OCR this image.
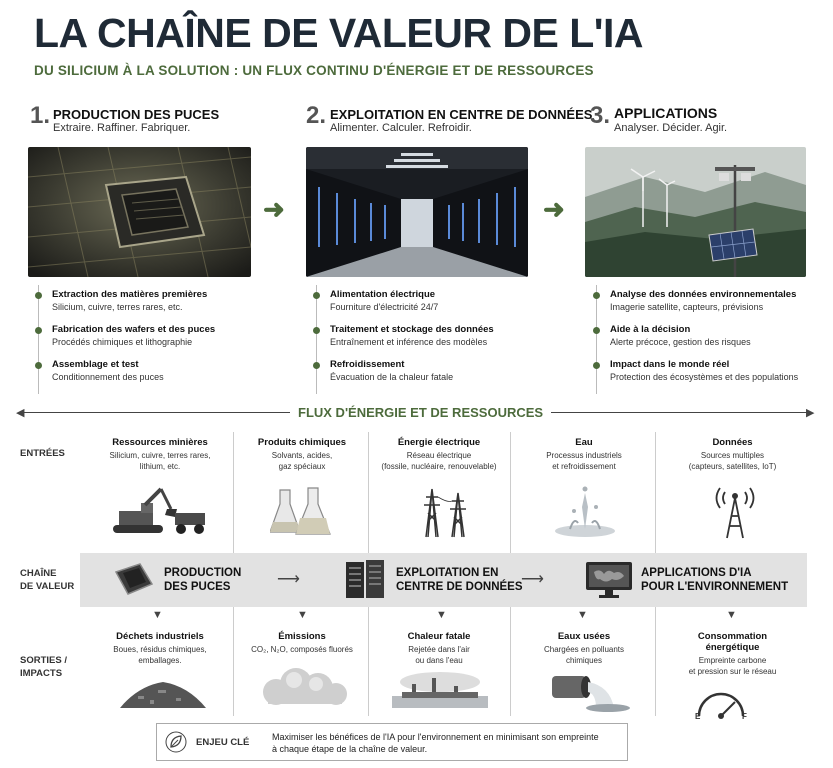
LA CHAÎNE DE VALEUR DE L'IA
DU SILICIUM À LA SOLUTION : UN FLUX CONTINU D'ÉNERGIE ET DE RESSOURCES
1. PRODUCTION DES PUCES
Extraire. Raffiner. Fabriquer.	2. EXPLOITATION EN CENTRE DE DONNÉES
Alimenter. Calculer. Refroidir.	3. APPLICATIONS
Analyser. Décider. Agir.
➜	➜
Extraction des matières premières
Silicium, cuivre, terres rares, etc.
Fabrication des wafers et des puces
Procédés chimiques et lithographie
Assemblage et test
Conditionnement des puces
Alimentation électrique
Fourniture d'électricité 24/7
Traitement et stockage des données
Entraînement et inférence des modèles
Refroidissement
Évacuation de la chaleur fatale
Analyse des données environnementales
Imagerie satellite, capteurs, prévisions
Aide à la décision
Alerte précoce, gestion des risques
Impact dans le monde réel
Protection des écosystèmes et des populations
◀	▶
FLUX D'ÉNERGIE ET DE RESSOURCES
ENTRÉES
CHAÎNE
DE VALEUR
SORTIES /
IMPACTS
Ressources minières
Silicium, cuivre, terres rares,
lithium, etc.
Produits chimiques
Solvants, acides,
gaz spéciaux
Énergie électrique
Réseau électrique
(fossile, nucléaire, renouvelable)
Eau
Processus industriels
et refroidissement
Données
Sources multiples
(capteurs, satellites, IoT)
PRODUCTION
DES PUCES	⟶	EXPLOITATION EN
CENTRE DE DONNÉES
⟶	APPLICATIONS D'IA
POUR L'ENVIRONNEMENT
▼	▼	▼	▼	▼
Déchets industriels
Boues, résidus chimiques,
emballages.
Émissions
CO₂, N₂O, composés fluorés
Chaleur fatale
Rejetée dans l'air
ou dans l'eau
Eaux usées
Chargées en polluants
chimiques
Consommation énergétique
Empreinte carbone
et pression sur le réseau
E	F
ENJEU CLÉ	Maximiser les bénéfices de l'IA pour l'environnement en minimisant son empreinte
à chaque étape de la chaîne de valeur.
